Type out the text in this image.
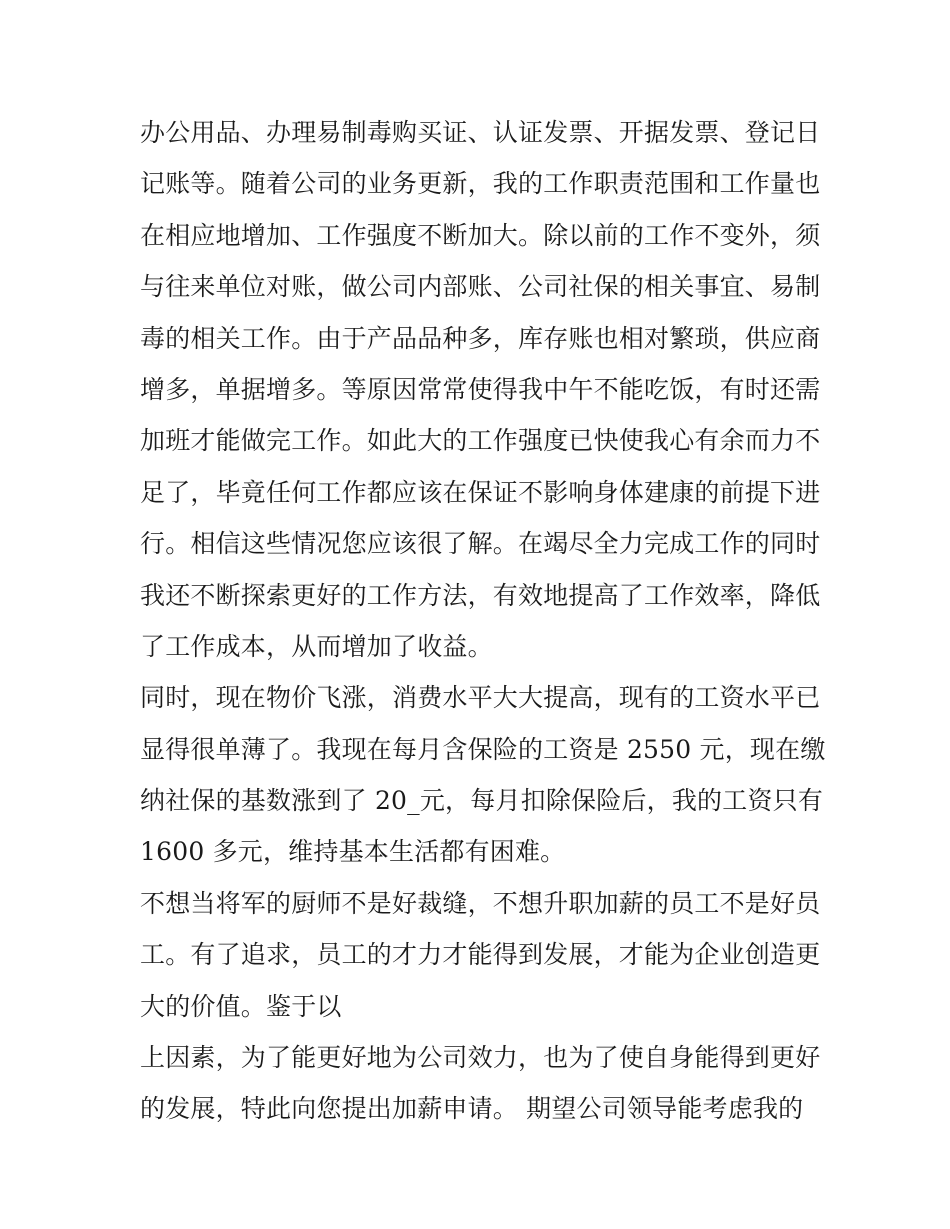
办公用品、办理易制毒购买证、认证发票、开据发票、登记日
记账等。随着公司的业务更新，我的工作职责范围和工作量也
在相应地增加、工作强度不断加大。除以前的工作不变外，须
与往来单位对账，做公司内部账、公司社保的相关事宜、易制
毒的相关工作。由于产品品种多，库存账也相对繁琐，供应商
增多，单据增多。等原因常常使得我中午不能吃饭，有时还需
加班才能做完工作。如此大的工作强度已快使我心有余而力不
足了，毕竟任何工作都应该在保证不影响身体建康的前提下进
行。相信这些情况您应该很了解。在竭尽全力完成工作的同时
我还不断探索更好的工作方法，有效地提高了工作效率，降低
了工作成本，从而增加了收益。
同时，现在物价飞涨，消费水平大大提高，现有的工资水平已
显得很单薄了。我现在每月含保险的工资是 2550 元，现在缴
纳社保的基数涨到了 20_元，每月扣除保险后，我的工资只有
1600 多元，维持基本生活都有困难。
不想当将军的厨师不是好裁缝，不想升职加薪的员工不是好员
工。有了追求，员工的才力才能得到发展，才能为企业创造更
大的价值。鉴于以
上因素，为了能更好地为公司效力，也为了使自身能得到更好
的发展，特此向您提出加薪申请。 期望公司领导能考虑我的
